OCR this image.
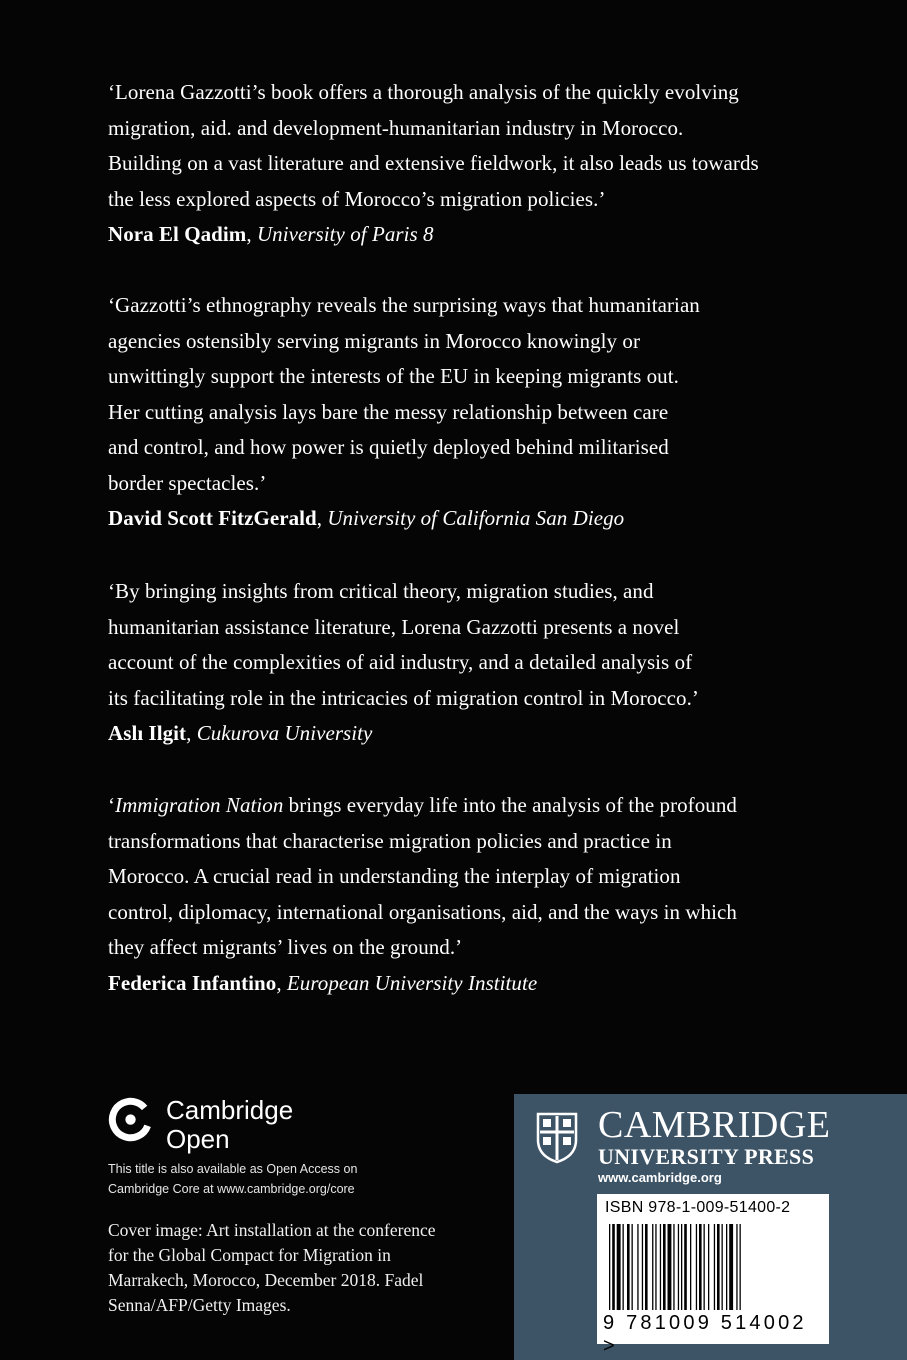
‘Lorena Gazzotti’s book offers a thorough analysis of the quickly evolving

migration, aid. and development-humanitarian industry in Morocco.

Building on a vast literature and extensive fieldwork, it also leads us towards

the less explored aspects of Morocco’s migration policies.’

Nora El Qadim, University of Paris 8

‘Gazzotti’s ethnography reveals the surprising ways that humanitarian

agencies ostensibly serving migrants in Morocco knowingly or

unwittingly support the interests of the EU in keeping migrants out.

Her cutting analysis lays bare the messy relationship between care

and control, and how power is quietly deployed behind militarised

border spectacles.’

David Scott FitzGerald, University of California San Diego

‘By bringing insights from critical theory, migration studies, and

humanitarian assistance literature, Lorena Gazzotti presents a novel

account of the complexities of aid industry, and a detailed analysis of

its facilitating role in the intricacies of migration control in Morocco.’

Aslı Ilgit, Cukurova University

‘Immigration Nation brings everyday life into the analysis of the profound

transformations that characterise migration policies and practice in

Morocco. A crucial read in understanding the interplay of migration

control, diplomacy, international organisations, aid, and the ways in which

they affect migrants’ lives on the ground.’

Federica Infantino, European University Institute

Cambridge
Open
This title is also available as Open Access on
Cambridge Core at www.cambridge.org/core
Cover image: Art installation at the conference
for the Global Compact for Migration in
Marrakech, Morocco, December 2018. Fadel
Senna/AFP/Getty Images.
CAMBRIDGE
UNIVERSITY PRESS
www.cambridge.org
ISBN 978-1-009-51400-2
9 781009 514002 >
